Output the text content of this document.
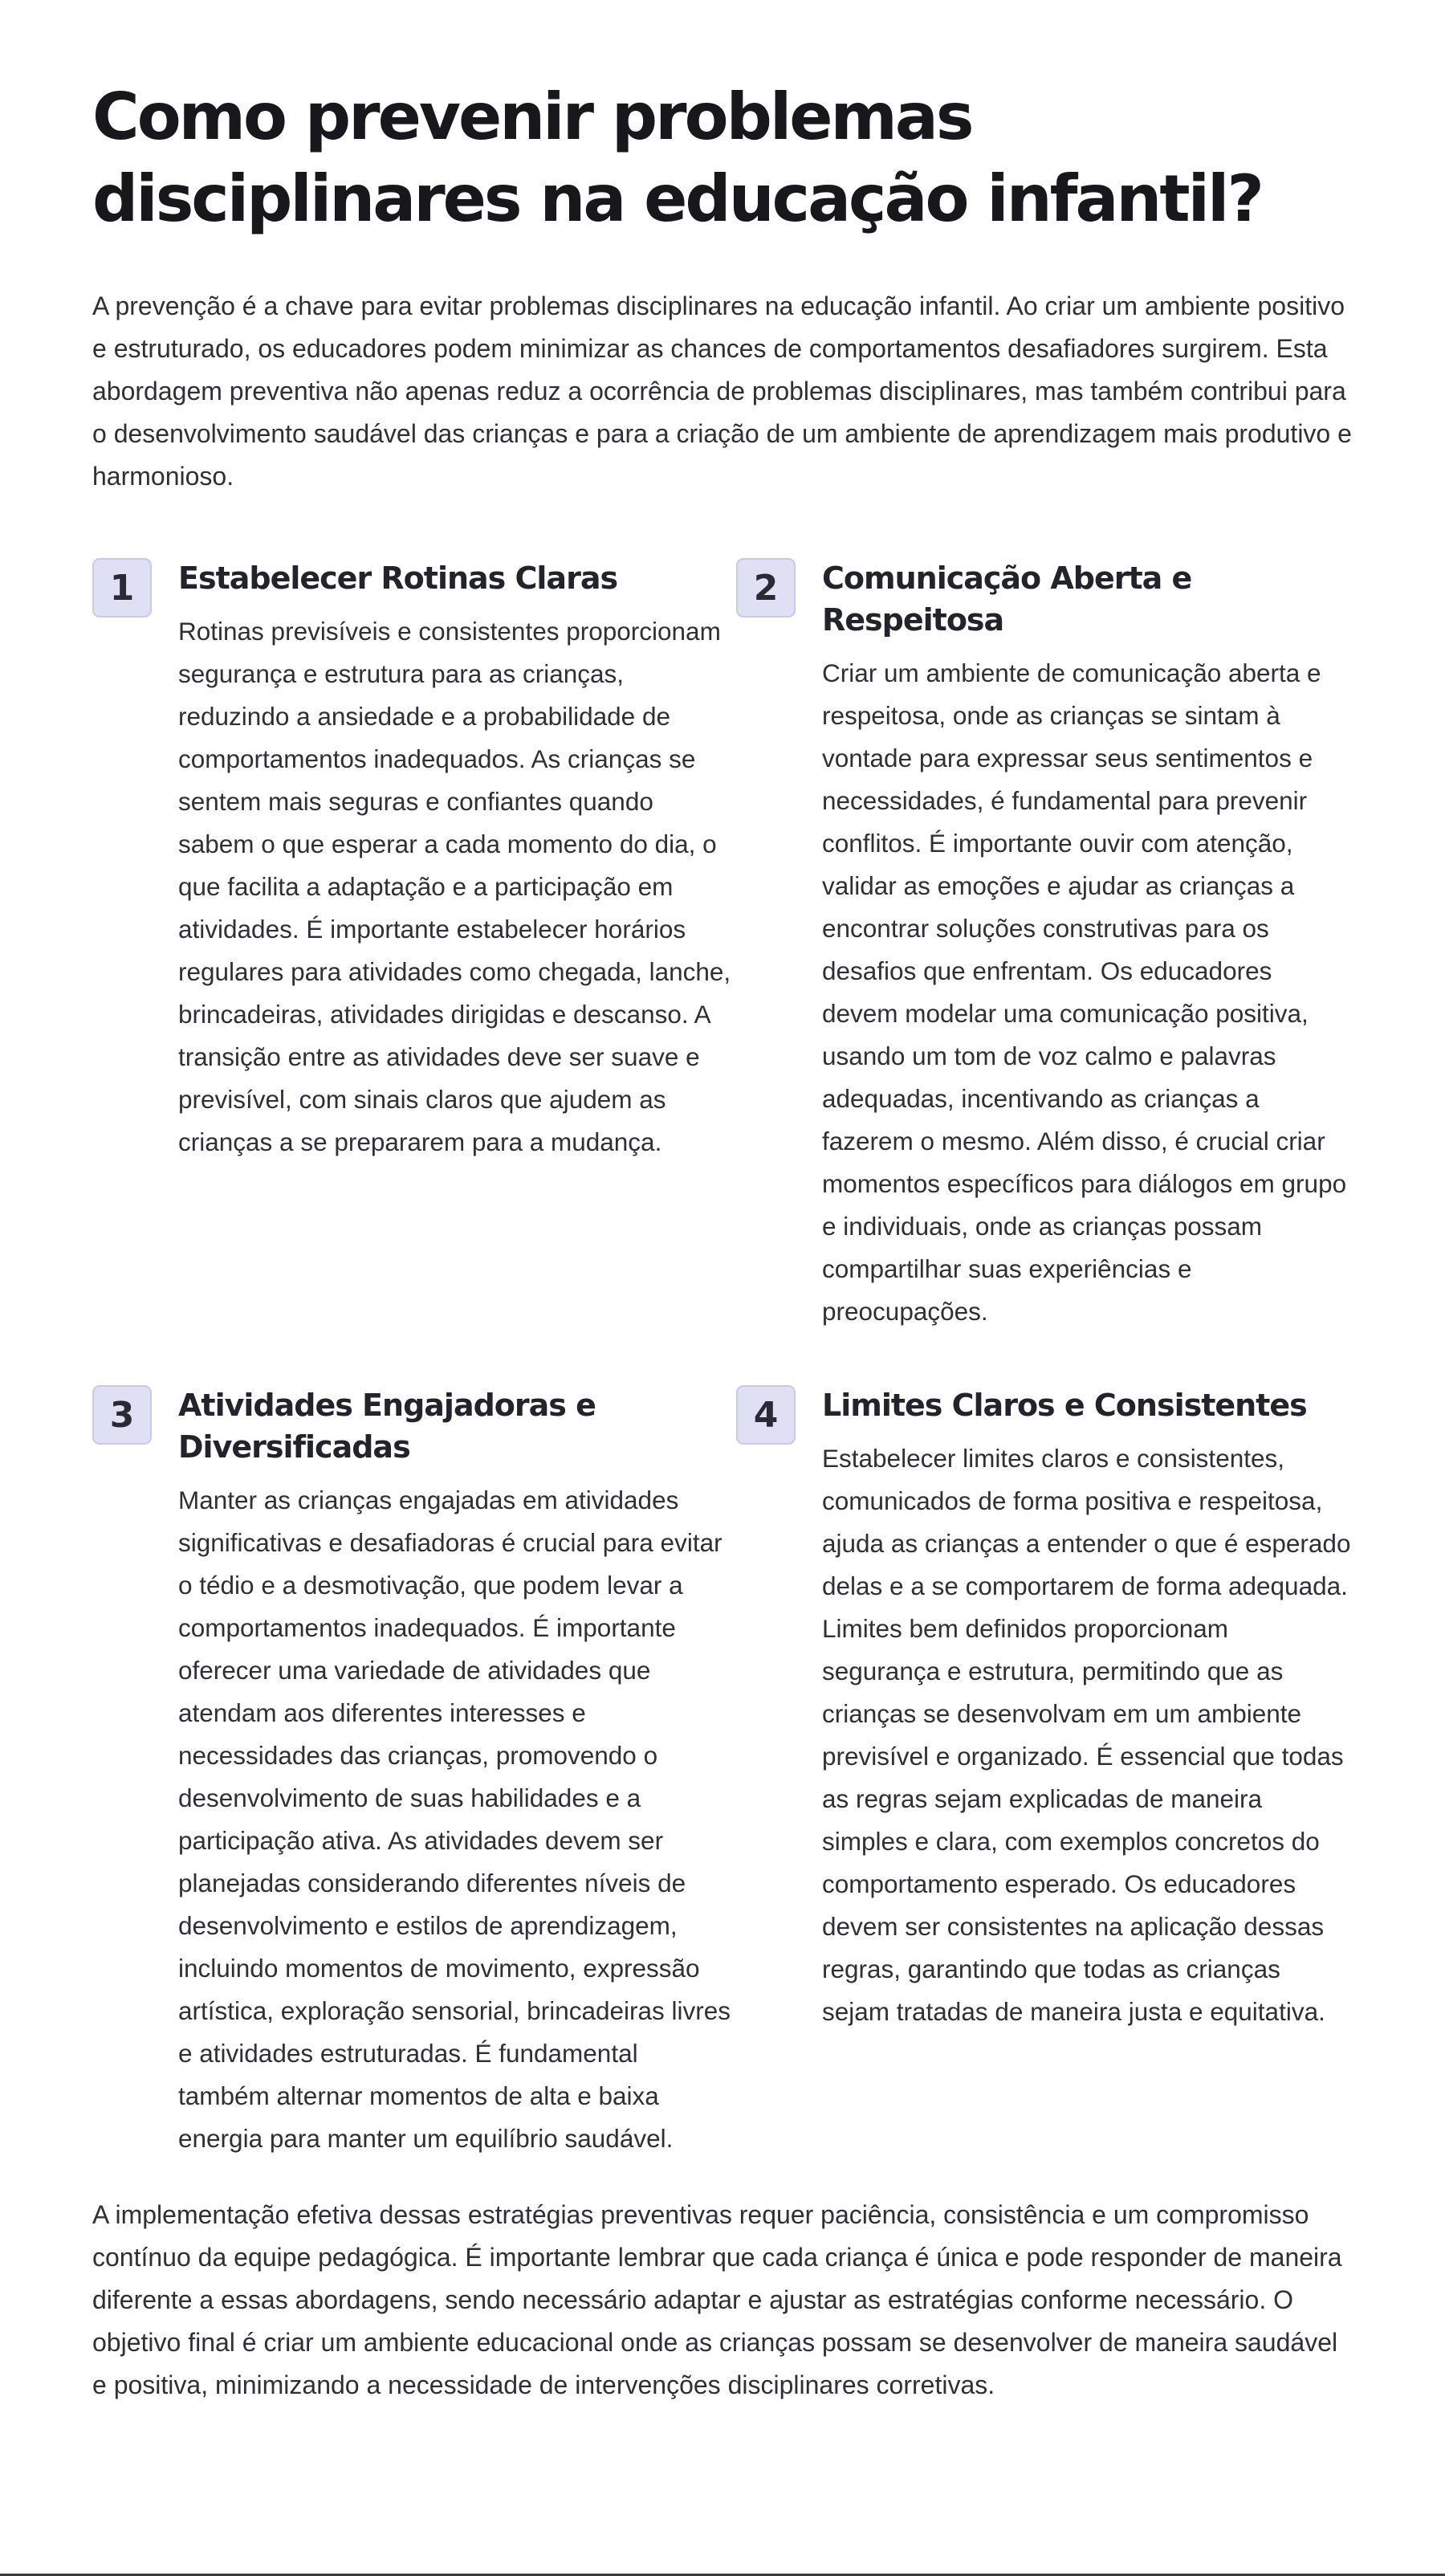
Como prevenir problemas disciplinares na educação infantil?

A prevenção é a chave para evitar problemas disciplinares na educação infantil. Ao criar um ambiente positivo e estruturado, os educadores podem minimizar as chances de comportamentos desafiadores surgirem. Esta abordagem preventiva não apenas reduz a ocorrência de problemas disciplinares, mas também contribui para o desenvolvimento saudável das crianças e para a criação de um ambiente de aprendizagem mais produtivo e harmonioso.

1	Estabelecer Rotinas Claras

Rotinas previsíveis e consistentes proporcionam segurança e estrutura para as crianças, reduzindo a ansiedade e a probabilidade de comportamentos inadequados. As crianças se sentem mais seguras e confiantes quando sabem o que esperar a cada momento do dia, o que facilita a adaptação e a participação em atividades. É importante estabelecer horários regulares para atividades como chegada, lanche, brincadeiras, atividades dirigidas e descanso. A transição entre as atividades deve ser suave e previsível, com sinais claros que ajudem as crianças a se prepararem para a mudança.

2	Comunicação Aberta e Respeitosa

Criar um ambiente de comunicação aberta e respeitosa, onde as crianças se sintam à vontade para expressar seus sentimentos e necessidades, é fundamental para prevenir conflitos. É importante ouvir com atenção, validar as emoções e ajudar as crianças a encontrar soluções construtivas para os desafios que enfrentam. Os educadores devem modelar uma comunicação positiva, usando um tom de voz calmo e palavras adequadas, incentivando as crianças a fazerem o mesmo. Além disso, é crucial criar momentos específicos para diálogos em grupo e individuais, onde as crianças possam compartilhar suas experiências e preocupações.

3	Atividades Engajadoras e Diversificadas

Manter as crianças engajadas em atividades significativas e desafiadoras é crucial para evitar o tédio e a desmotivação, que podem levar a comportamentos inadequados. É importante oferecer uma variedade de atividades que atendam aos diferentes interesses e necessidades das crianças, promovendo o desenvolvimento de suas habilidades e a participação ativa. As atividades devem ser planejadas considerando diferentes níveis de desenvolvimento e estilos de aprendizagem, incluindo momentos de movimento, expressão artística, exploração sensorial, brincadeiras livres e atividades estruturadas. É fundamental também alternar momentos de alta e baixa energia para manter um equilíbrio saudável.

4	Limites Claros e Consistentes

Estabelecer limites claros e consistentes, comunicados de forma positiva e respeitosa, ajuda as crianças a entender o que é esperado delas e a se comportarem de forma adequada. Limites bem definidos proporcionam segurança e estrutura, permitindo que as crianças se desenvolvam em um ambiente previsível e organizado. É essencial que todas as regras sejam explicadas de maneira simples e clara, com exemplos concretos do comportamento esperado. Os educadores devem ser consistentes na aplicação dessas regras, garantindo que todas as crianças sejam tratadas de maneira justa e equitativa.

A implementação efetiva dessas estratégias preventivas requer paciência, consistência e um compromisso contínuo da equipe pedagógica. É importante lembrar que cada criança é única e pode responder de maneira diferente a essas abordagens, sendo necessário adaptar e ajustar as estratégias conforme necessário. O objetivo final é criar um ambiente educacional onde as crianças possam se desenvolver de maneira saudável e positiva, minimizando a necessidade de intervenções disciplinares corretivas.
